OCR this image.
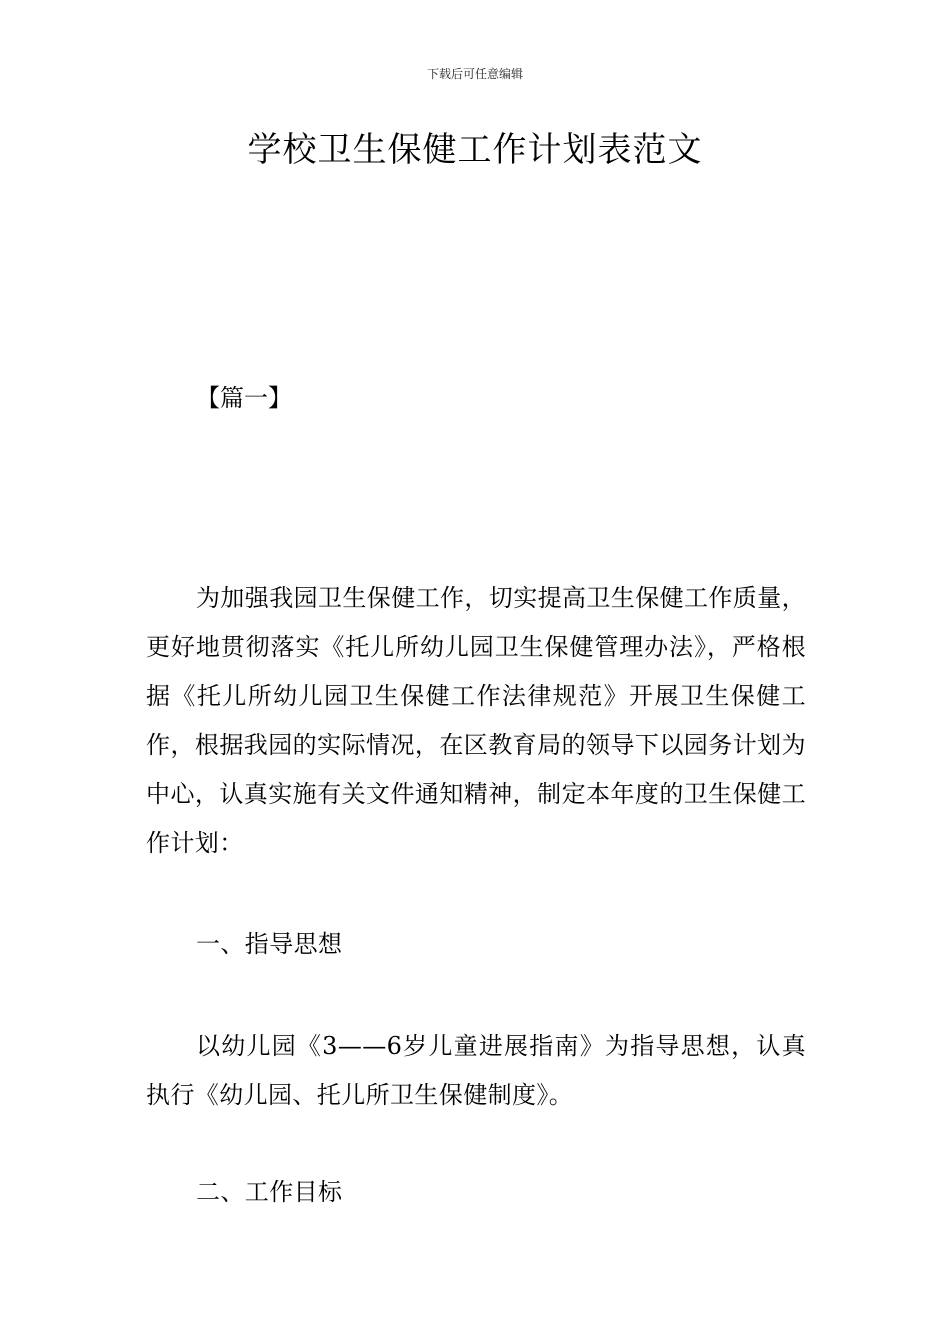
下载后可任意编辑
学校卫生保健工作计划表范文
【篇一】

为加强我园卫生保健工作，切实提高卫生保健工作质量，更好地贯彻落实《托儿所幼儿园卫生保健管理办法》，严格根据《托儿所幼儿园卫生保健工作法律规范》开展卫生保健工作，根据我园的实际情况，在区教育局的领导下以园务计划为中心，认真实施有关文件通知精神，制定本年度的卫生保健工作计划：

一、指导思想

以幼儿园《3——6岁儿童进展指南》为指导思想，认真执行《幼儿园、托儿所卫生保健制度》。

二、工作目标
